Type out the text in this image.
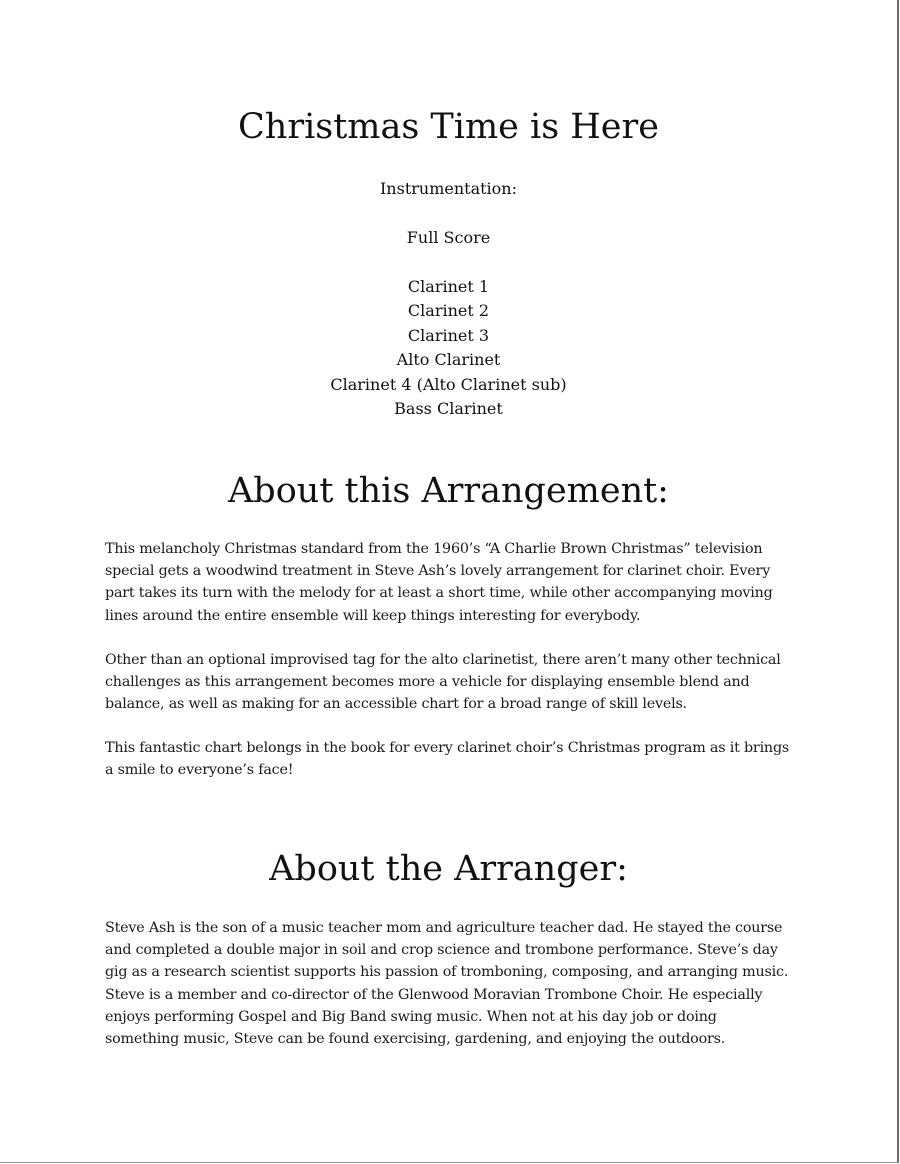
Christmas Time is Here
Instrumentation:
Full Score
Clarinet 1
Clarinet 2
Clarinet 3
Alto Clarinet
Clarinet 4 (Alto Clarinet sub)
Bass Clarinet
About this Arrangement:

This melancholy Christmas standard from the 1960’s “A Charlie Brown Christmas” television
special gets a woodwind treatment in Steve Ash’s lovely arrangement for clarinet choir. Every
part takes its turn with the melody for at least a short time, while other accompanying moving
lines around the entire ensemble will keep things interesting for everybody.

Other than an optional improvised tag for the alto clarinetist, there aren’t many other technical
challenges as this arrangement becomes more a vehicle for displaying ensemble blend and
balance, as well as making for an accessible chart for a broad range of skill levels.

This fantastic chart belongs in the book for every clarinet choir’s Christmas program as it brings
a smile to everyone’s face!

About the Arranger:

Steve Ash is the son of a music teacher mom and agriculture teacher dad. He stayed the course
and completed a double major in soil and crop science and trombone performance. Steve’s day
gig as a research scientist supports his passion of tromboning, composing, and arranging music.
Steve is a member and co-director of the Glenwood Moravian Trombone Choir. He especially
enjoys performing Gospel and Big Band swing music. When not at his day job or doing
something music, Steve can be found exercising, gardening, and enjoying the outdoors.
